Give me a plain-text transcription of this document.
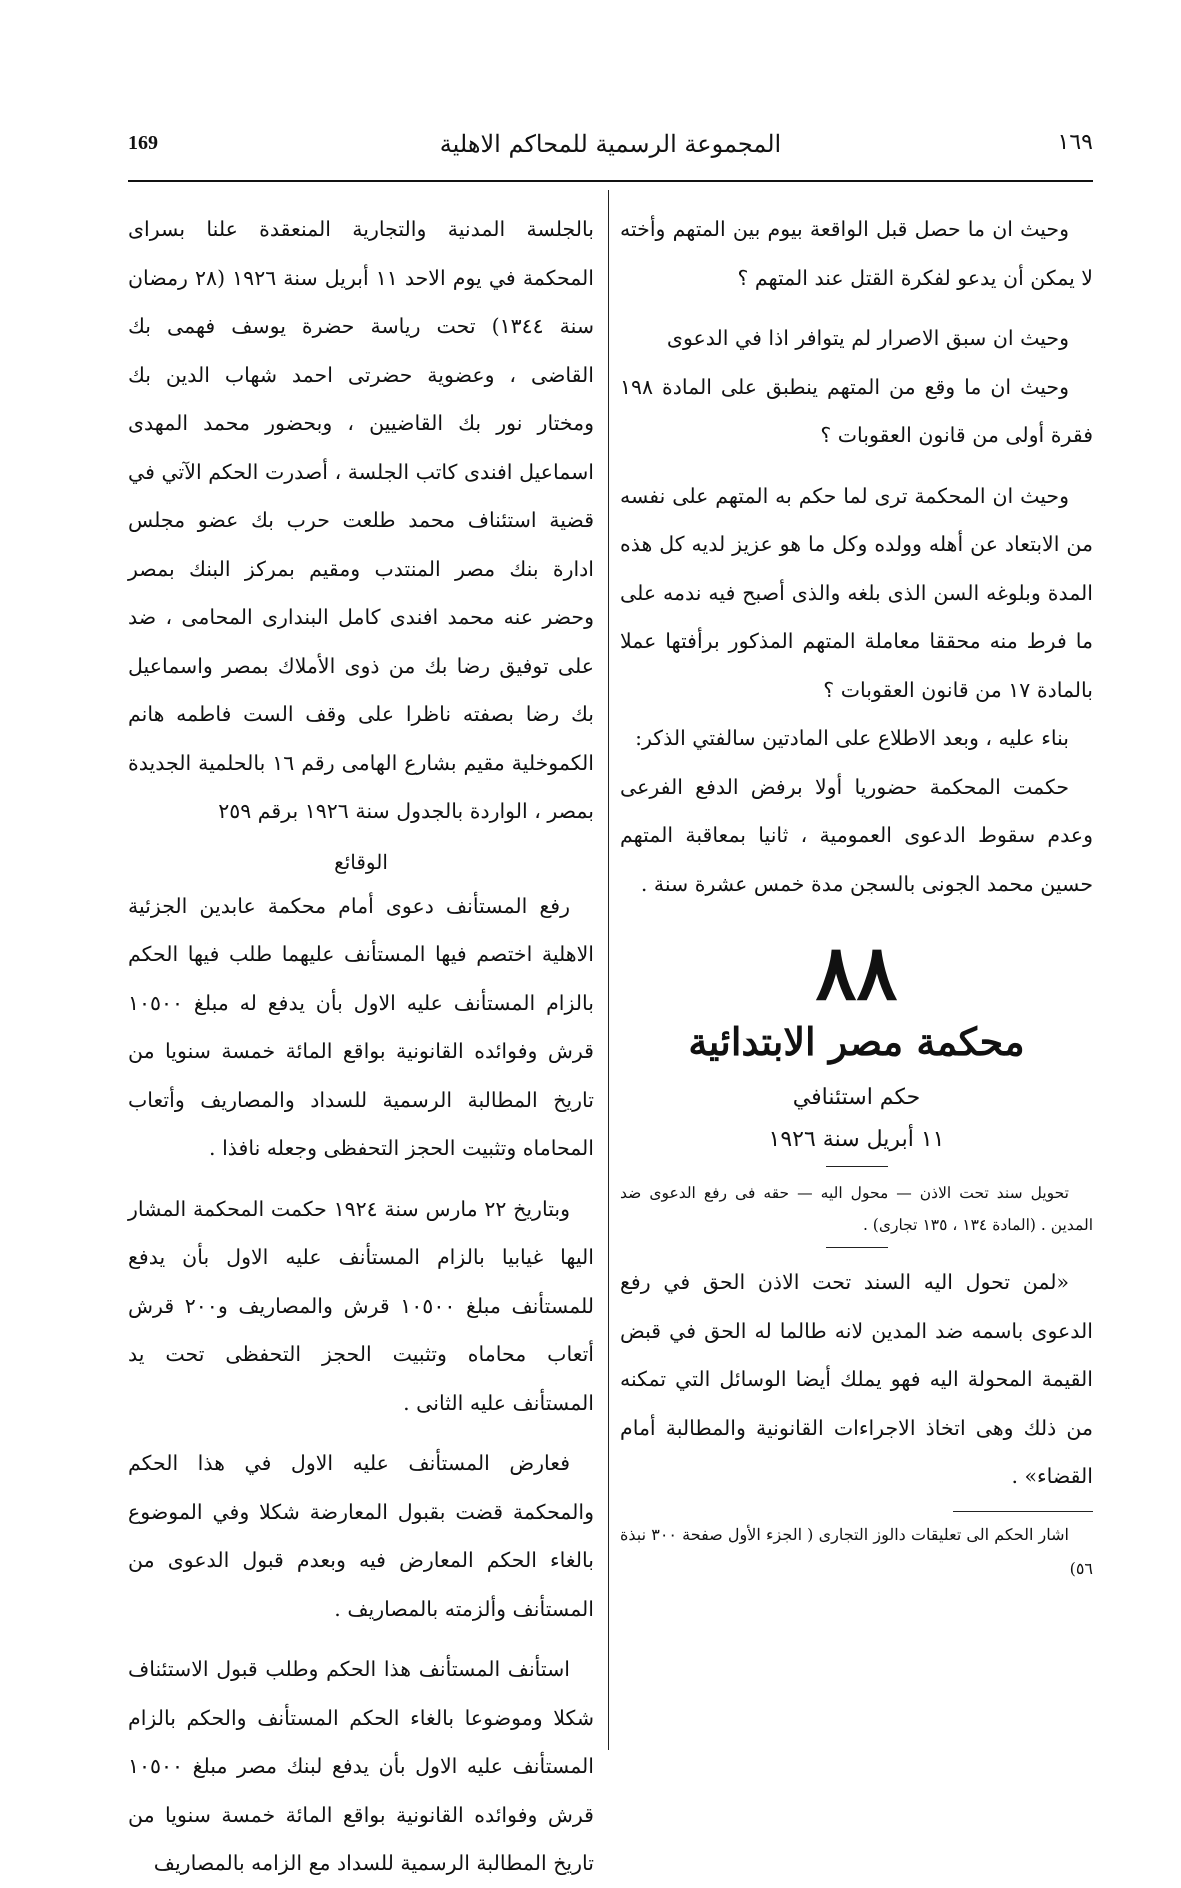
169	المجموعة الرسمية للمحاكم الاهلية	١٦٩

وحيث ان ما حصل قبل الواقعة بيوم بين المتهم وأخته لا يمكن أن يدعو لفكرة القتل عند المتهم ؟

وحيث ان سبق الاصرار لم يتوافر اذا في الدعوى

وحيث ان ما وقع من المتهم ينطبق على المادة ١٩٨ فقرة أولى من قانون العقوبات ؟

وحيث ان المحكمة ترى لما حكم به المتهم على نفسه من الابتعاد عن أهله وولده وكل ما هو عزيز لديه كل هذه المدة وبلوغه السن الذى بلغه والذى أصبح فيه ندمه على ما فرط منه محققا معاملة المتهم المذكور برأفتها عملا بالمادة ١٧ من قانون العقوبات ؟

بناء عليه ، وبعد الاطلاع على المادتين سالفتي الذكر:

حكمت المحكمة حضوريا أولا برفض الدفع الفرعى وعدم سقوط الدعوى العمومية ، ثانيا بمعاقبة المتهم حسين محمد الجونى بالسجن مدة خمس عشرة سنة .

٨٨
محكمة مصر الابتدائية
حكم استئنافي
١١ أبريل سنة ١٩٢٦

تحويل سند تحت الاذن — محول اليه — حقه فى رفع الدعوى ضد المدين . (المادة ١٣٤ ، ١٣٥ تجارى) .

«لمن تحول اليه السند تحت الاذن الحق في رفع الدعوى باسمه ضد المدين لانه طالما له الحق في قبض القيمة المحولة اليه فهو يملك أيضا الوسائل التي تمكنه من ذلك وهى اتخاذ الاجراءات القانونية والمطالبة أمام القضاء» .

اشار الحكم الى تعليقات دالوز التجارى ( الجزء الأول صفحة ٣٠٠ نبذة ٥٦)

بالجلسة المدنية والتجارية المنعقدة علنا بسراى المحكمة في يوم الاحد ١١ أبريل سنة ١٩٢٦ (٢٨ رمضان سنة ١٣٤٤) تحت رياسة حضرة يوسف فهمى بك القاضى ، وعضوية حضرتى احمد شهاب الدين بك ومختار نور بك القاضيين ، وبحضور محمد المهدى اسماعيل افندى كاتب الجلسة ، أصدرت الحكم الآتي في قضية استئناف محمد طلعت حرب بك عضو مجلس ادارة بنك مصر المنتدب ومقيم بمركز البنك بمصر وحضر عنه محمد افندى كامل البندارى المحامى ، ضد على توفيق رضا بك من ذوى الأملاك بمصر واسماعيل بك رضا بصفته ناظرا على وقف الست فاطمه هانم الكموخلية مقيم بشارع الهامى رقم ١٦ بالحلمية الجديدة بمصر ، الواردة بالجدول سنة ١٩٢٦ برقم ٢٥٩

الوقائع

رفع المستأنف دعوى أمام محكمة عابدين الجزئية الاهلية اختصم فيها المستأنف عليهما طلب فيها الحكم بالزام المستأنف عليه الاول بأن يدفع له مبلغ ١٠٥٠٠ قرش وفوائده القانونية بواقع المائة خمسة سنويا من تاريخ المطالبة الرسمية للسداد والمصاريف وأتعاب المحاماه وتثبيت الحجز التحفظى وجعله نافذا .

وبتاريخ ٢٢ مارس سنة ١٩٢٤ حكمت المحكمة المشار اليها غيابيا بالزام المستأنف عليه الاول بأن يدفع للمستأنف مبلغ ١٠٥٠٠ قرش والمصاريف و٢٠٠ قرش أتعاب محاماه وتثبيت الحجز التحفظى تحت يد المستأنف عليه الثانى .

فعارض المستأنف عليه الاول في هذا الحكم والمحكمة قضت بقبول المعارضة شكلا وفي الموضوع بالغاء الحكم المعارض فيه وبعدم قبول الدعوى من المستأنف وألزمته بالمصاريف .

استأنف المستأنف هذا الحكم وطلب قبول الاستئناف شكلا وموضوعا بالغاء الحكم المستأنف والحكم بالزام المستأنف عليه الاول بأن يدفع لبنك مصر مبلغ ١٠٥٠٠ قرش وفوائده القانونية بواقع المائة خمسة سنويا من تاريخ المطالبة الرسمية للسداد مع الزامه بالمصاريف
